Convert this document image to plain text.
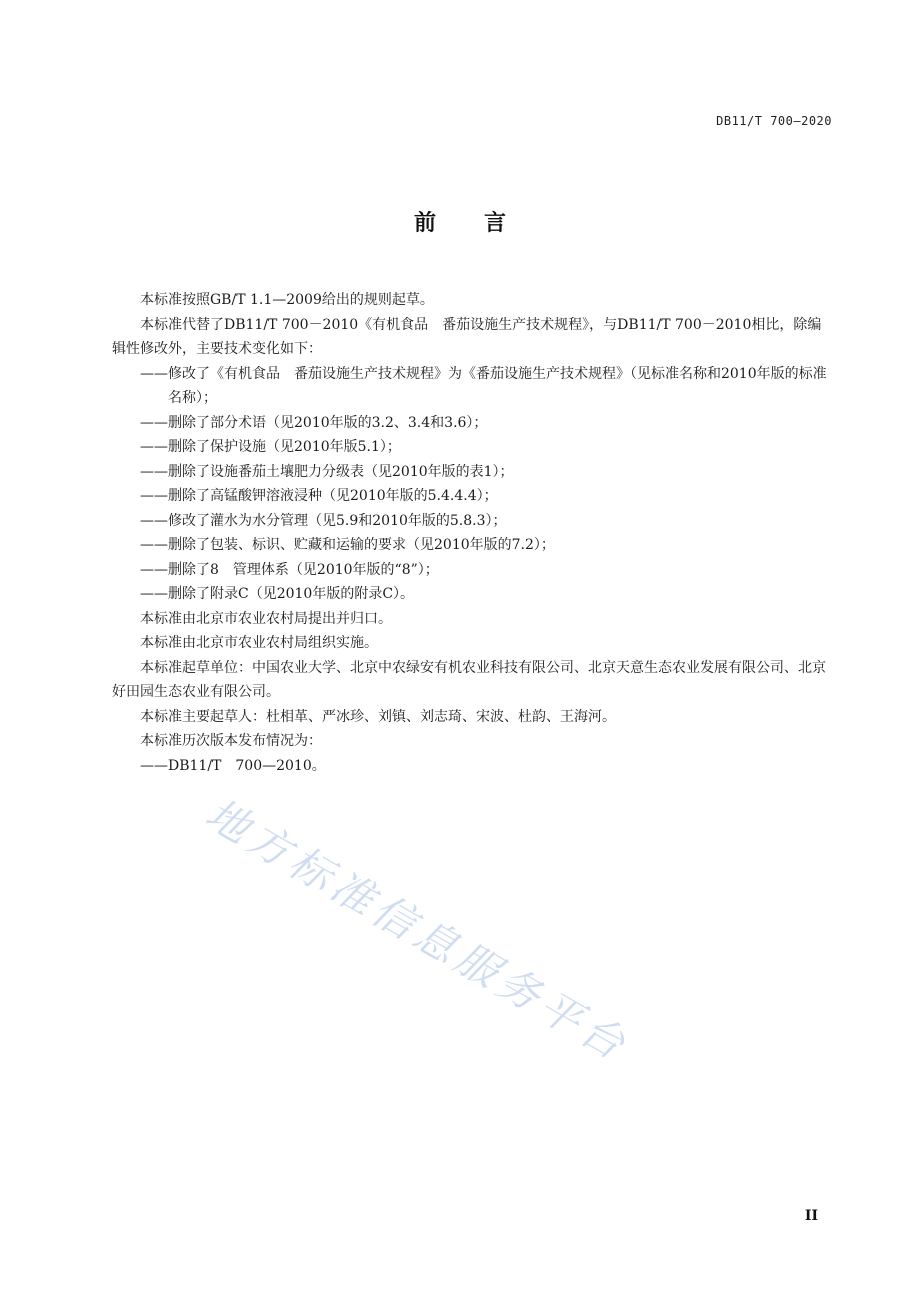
DB11/T 700—2020
前言

本标准按照GB/T 1.1—2009给出的规则起草。

本标准代替了DB11/T 700－2010《有机食品　番茄设施生产技术规程》，与DB11/T 700－2010相比，除编辑性修改外，主要技术变化如下：

——修改了《有机食品　番茄设施生产技术规程》为《番茄设施生产技术规程》（见标准名称和2010年版的标准名称）；

——删除了部分术语（见2010年版的3.2、3.4和3.6）；

——删除了保护设施（见2010年版5.1）；

——删除了设施番茄土壤肥力分级表（见2010年版的表1）；

——删除了高锰酸钾溶液浸种（见2010年版的5.4.4.4）；

——修改了灌水为水分管理（见5.9和2010年版的5.8.3）；

——删除了包装、标识、贮藏和运输的要求（见2010年版的7.2）；

——删除了8　管理体系（见2010年版的“8”）；

——删除了附录C（见2010年版的附录C）。

本标准由北京市农业农村局提出并归口。

本标准由北京市农业农村局组织实施。

本标准起草单位：中国农业大学、北京中农绿安有机农业科技有限公司、北京天意生态农业发展有限公司、北京好田园生态农业有限公司。

本标准主要起草人：杜相革、严冰珍、刘镇、刘志琦、宋波、杜韵、王海河。

本标准历次版本发布情况为：

——DB11/T　700—2010。

地方标准信息服务平台
II
